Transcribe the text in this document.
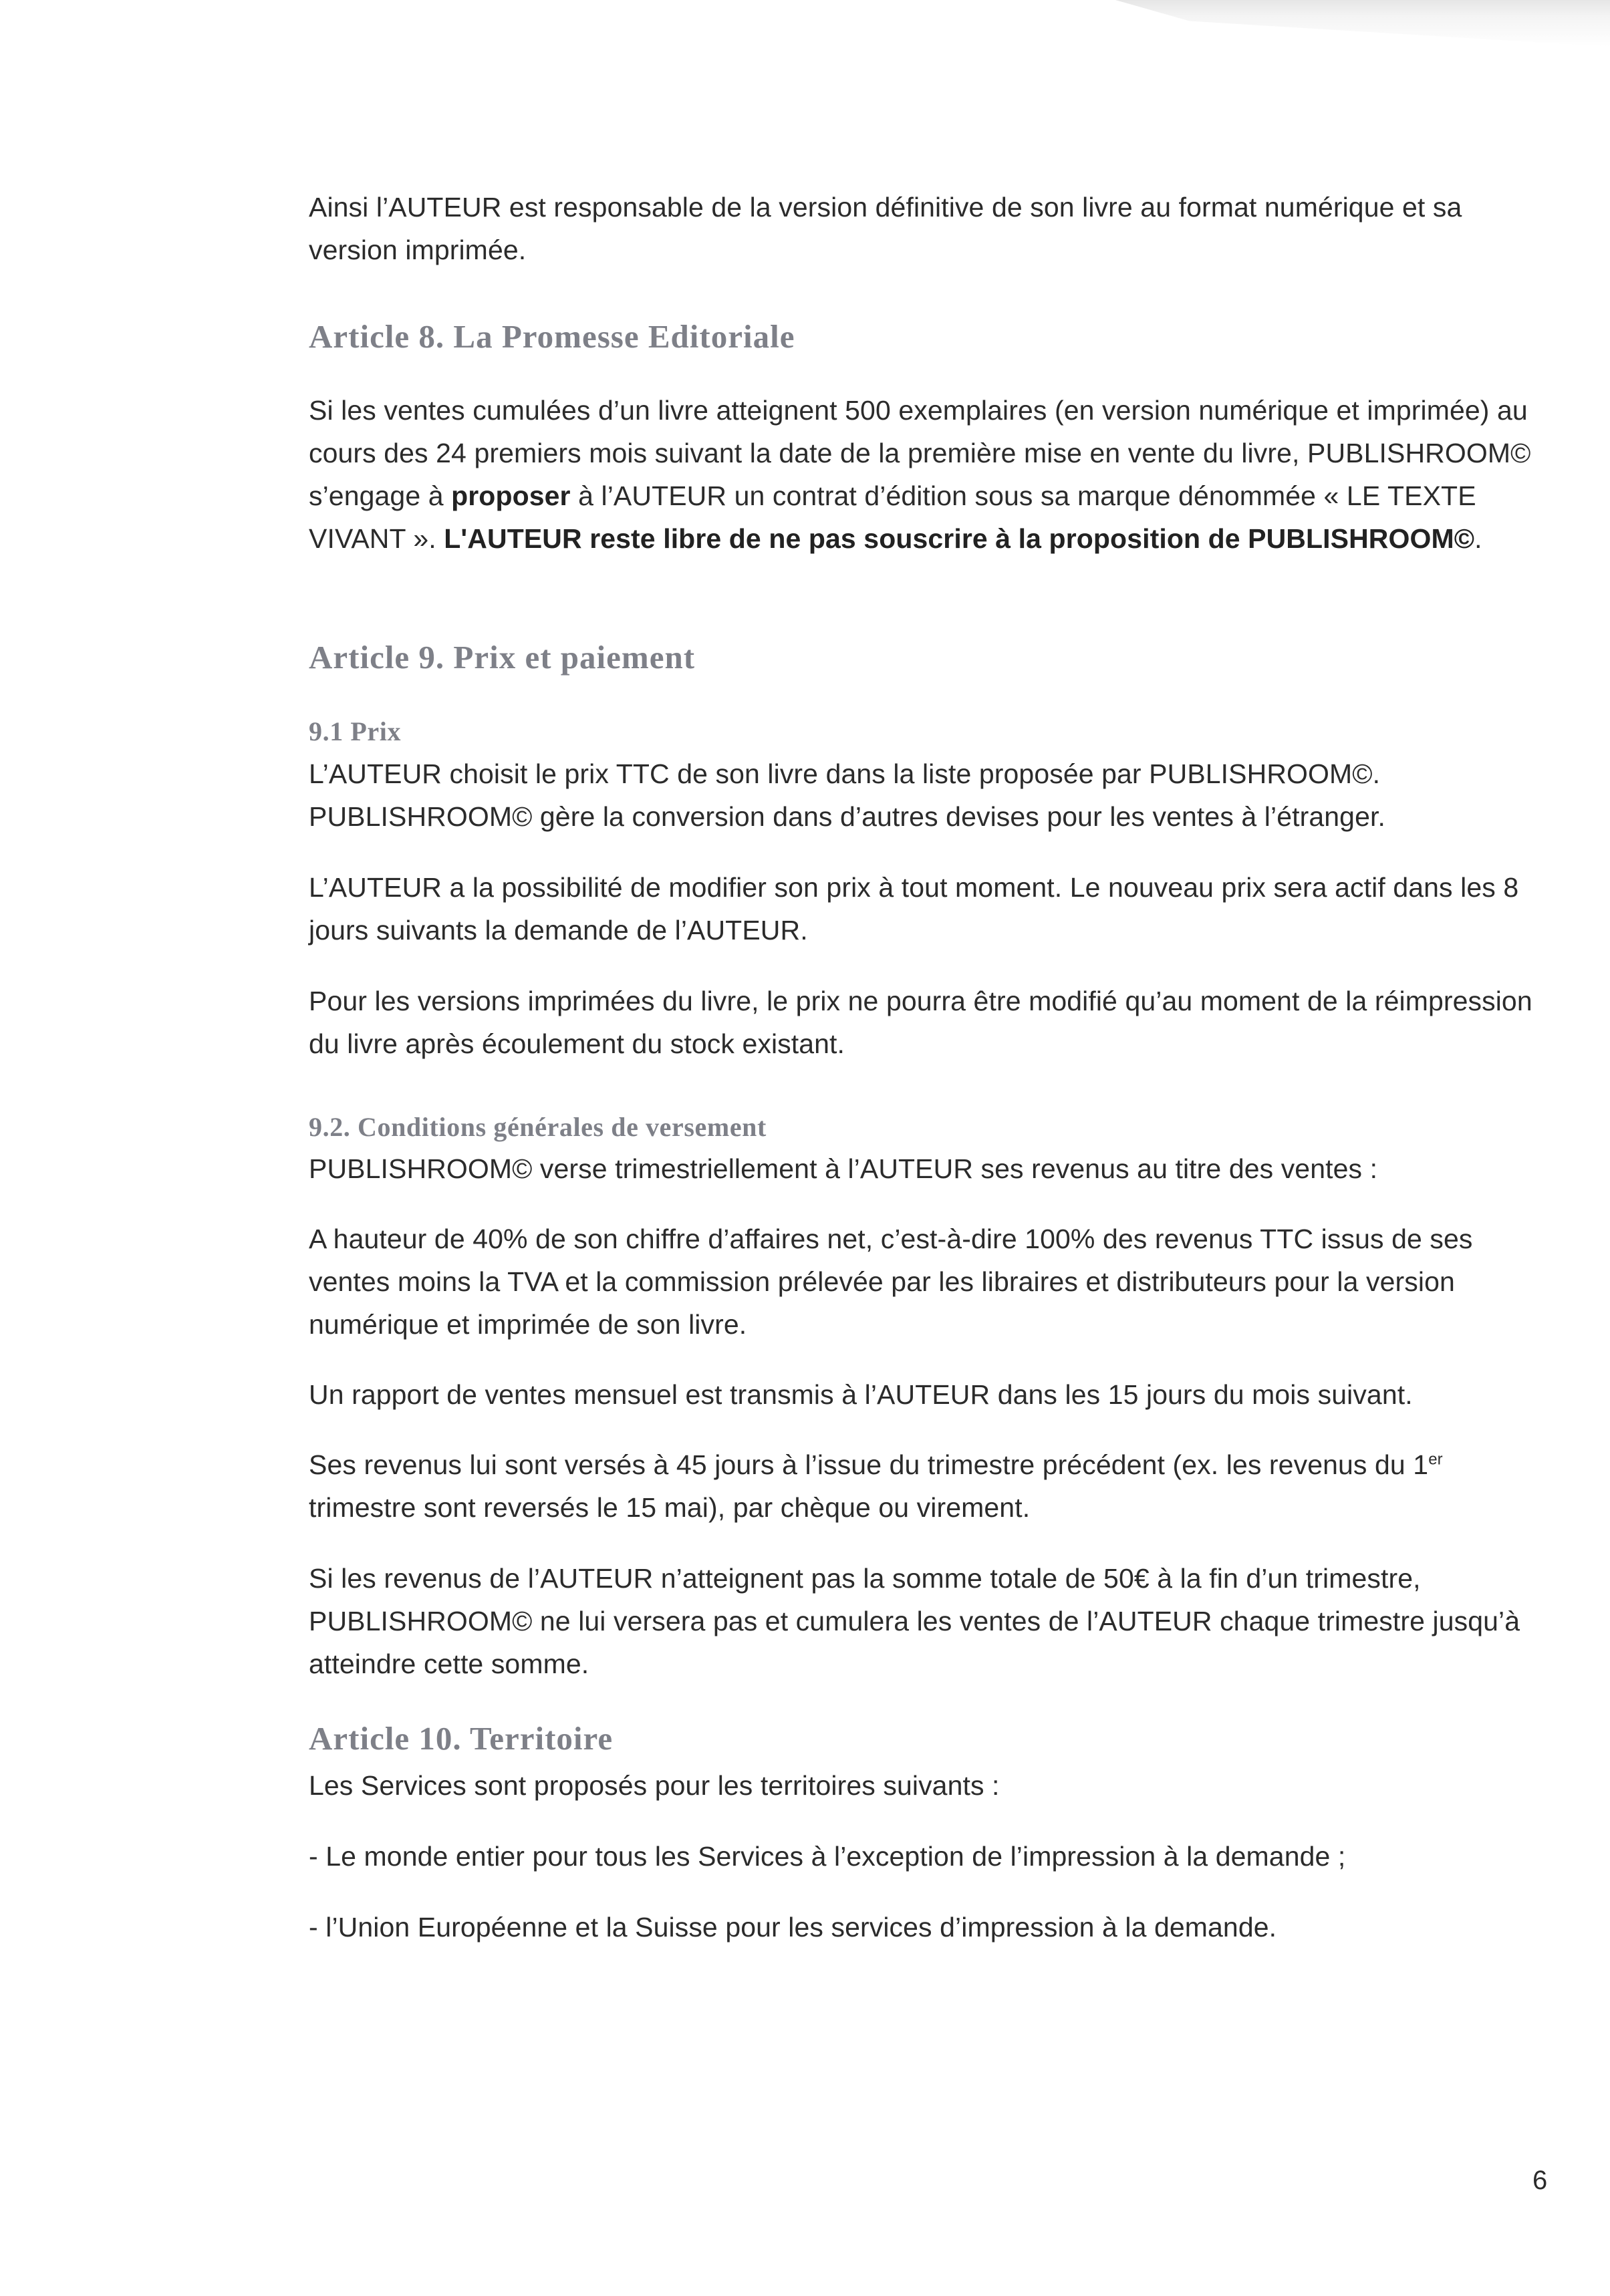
Ainsi l’AUTEUR est responsable de la version définitive de son livre au format numérique et sa
version imprimée.

Article 8. La Promesse Editoriale

Si les ventes cumulées d’un livre atteignent 500 exemplaires (en version numérique et imprimée) au cours des 24 premiers mois suivant la date de la première mise en vente du livre, PUBLISHROOM© s’engage à proposer à l’AUTEUR un contrat d’édition sous sa marque dénommée « LE TEXTE VIVANT ». L'AUTEUR reste libre de ne pas souscrire à la proposition de PUBLISHROOM©.

Article 9. Prix et paiement
9.1 Prix

L’AUTEUR choisit le prix TTC de son livre dans la liste proposée par PUBLISHROOM©. PUBLISHROOM© gère la conversion dans d’autres devises pour les ventes à l’étranger.

L’AUTEUR a la possibilité de modifier son prix à tout moment. Le nouveau prix sera actif dans les 8 jours suivants la demande de l’AUTEUR.

Pour les versions imprimées du livre, le prix ne pourra être modifié qu’au moment de la réimpression du livre après écoulement du stock existant.

9.2. Conditions générales de versement

PUBLISHROOM© verse trimestriellement à l’AUTEUR ses revenus au titre des ventes :

A hauteur de 40% de son chiffre d’affaires net, c’est-à-dire 100% des revenus TTC issus de ses ventes moins la TVA et la commission prélevée par les libraires et distributeurs pour la version numérique et imprimée de son livre.

Un rapport de ventes mensuel est transmis à l’AUTEUR dans les 15 jours du mois suivant.

Ses revenus lui sont versés à 45 jours à l’issue du trimestre précédent (ex. les revenus du 1er trimestre sont reversés le 15 mai), par chèque ou virement.

Si les revenus de l’AUTEUR n’atteignent pas la somme totale de 50€ à la fin d’un trimestre, PUBLISHROOM© ne lui versera pas et cumulera les ventes de l’AUTEUR chaque trimestre jusqu’à atteindre cette somme.

Article 10. Territoire

Les Services sont proposés pour les territoires suivants :

- Le monde entier pour tous les Services à l’exception de l’impression à la demande ;

- l’Union Européenne et la Suisse pour les services d’impression à la demande.

6
